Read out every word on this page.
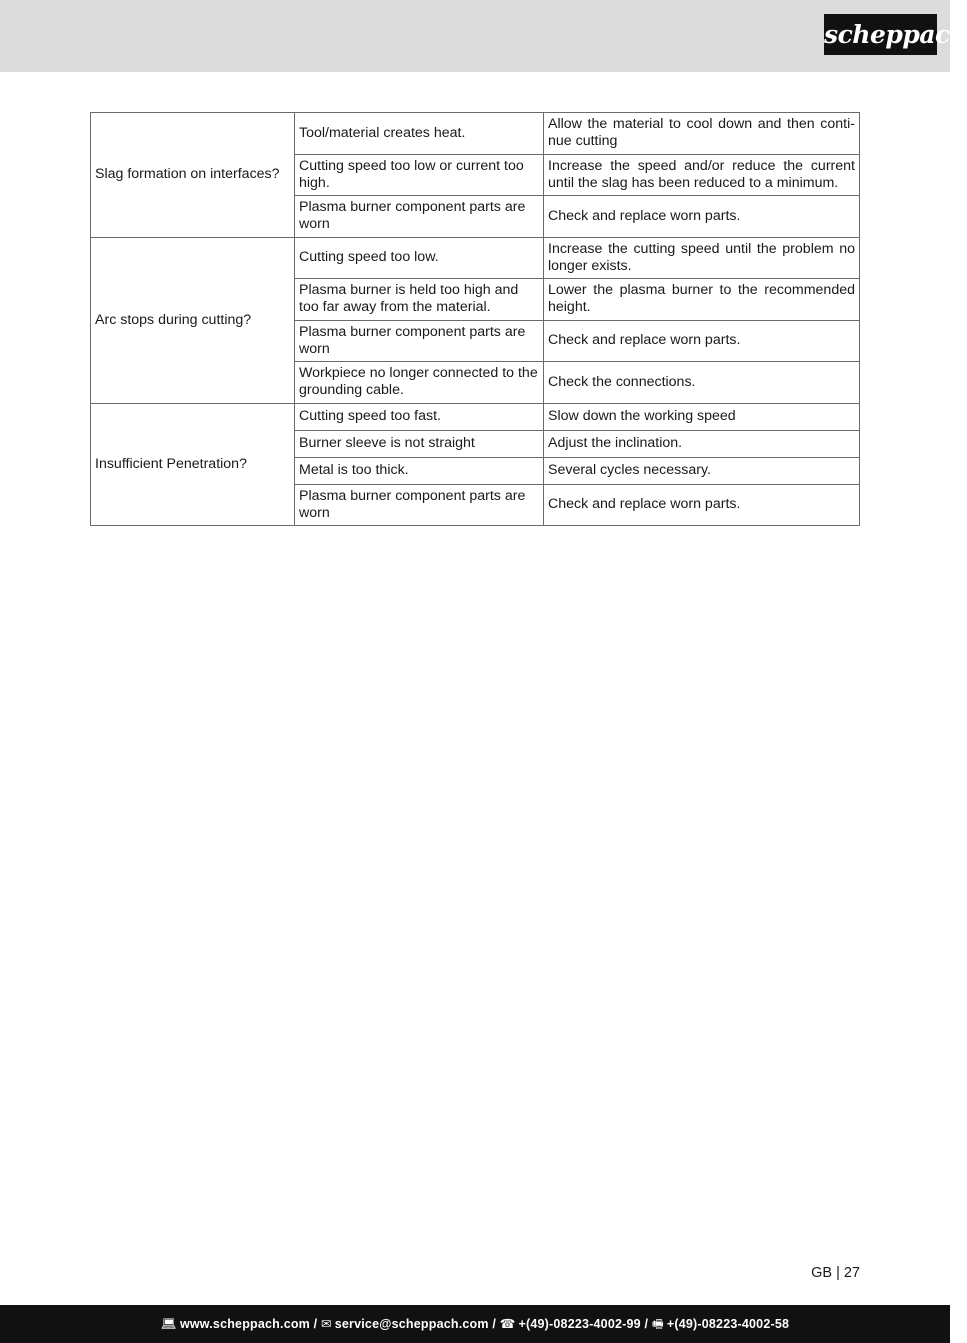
scheppach
Slag formation on interfaces?	Tool/material creates heat.	Allow the material to cool down and then conti-nue cutting
	Cutting speed too low or current too high.	Increase the speed and/or reduce the current until the slag has been reduced to a minimum.
	Plasma burner component parts are worn	Check and replace worn parts.
Arc stops during cutting?	Cutting speed too low.	Increase the cutting speed until the problem no longer exists.
	Plasma burner is held too high and too far away from the material.	Lower the plasma burner to the recommended height.
	Plasma burner component parts are worn	Check and replace worn parts.
	Workpiece no longer connected to the grounding cable.	Check the connections.
Insufficient Penetration?	Cutting speed too fast.	Slow down the working speed
	Burner sleeve is not straight	Adjust the inclination.
	Metal is too thick.	Several cycles necessary.
	Plasma burner component parts are worn	Check and replace worn parts.
GB | 27
💻︎ www.scheppach.com / ✉ service@scheppach.com / ☎ +(49)-08223-4002-99 / 🖷︎ +(49)-08223-4002-58
